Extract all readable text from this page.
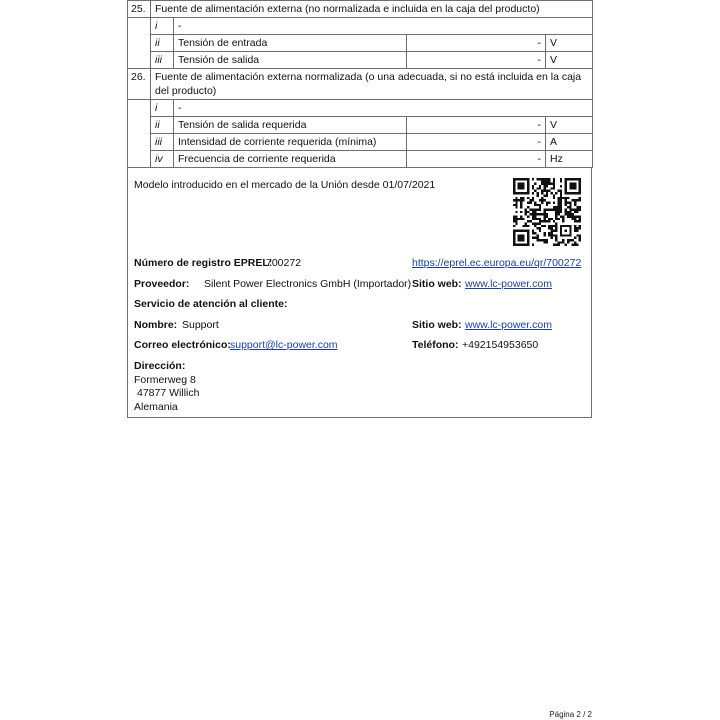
25.	Fuente de alimentación externa (no normalizada e incluida en la caja del producto)			
	i	-		
	ii	Tensión de entrada	-	V
	iii	Tensión de salida	-	V
26.	Fuente de alimentación externa normalizada (o una adecuada, si no está incluida en la caja del producto)			
	i	-		
	ii	Tensión de salida requerida	-	V
	iii	Intensidad de corriente requerida (mínima)	-	A
	iv	Frecuencia de corriente requerida	-	Hz
Modelo introducido en el mercado de la Unión desde 01/07/2021
Número de registro EPREL:
700272	https://eprel.ec.europa.eu/qr/700272
Proveedor: Silent Power Electronics GmbH (Importador) Sitio web: www.lc-power.com
Servicio de atención al cliente:
Nombre: Support	Sitio web: www.lc-power.com
Correo electrónico: support@lc-power.com	Teléfono: +492154953650
Dirección:
Formerweg 8
47877 Willich
Alemania
Página 2 / 2
